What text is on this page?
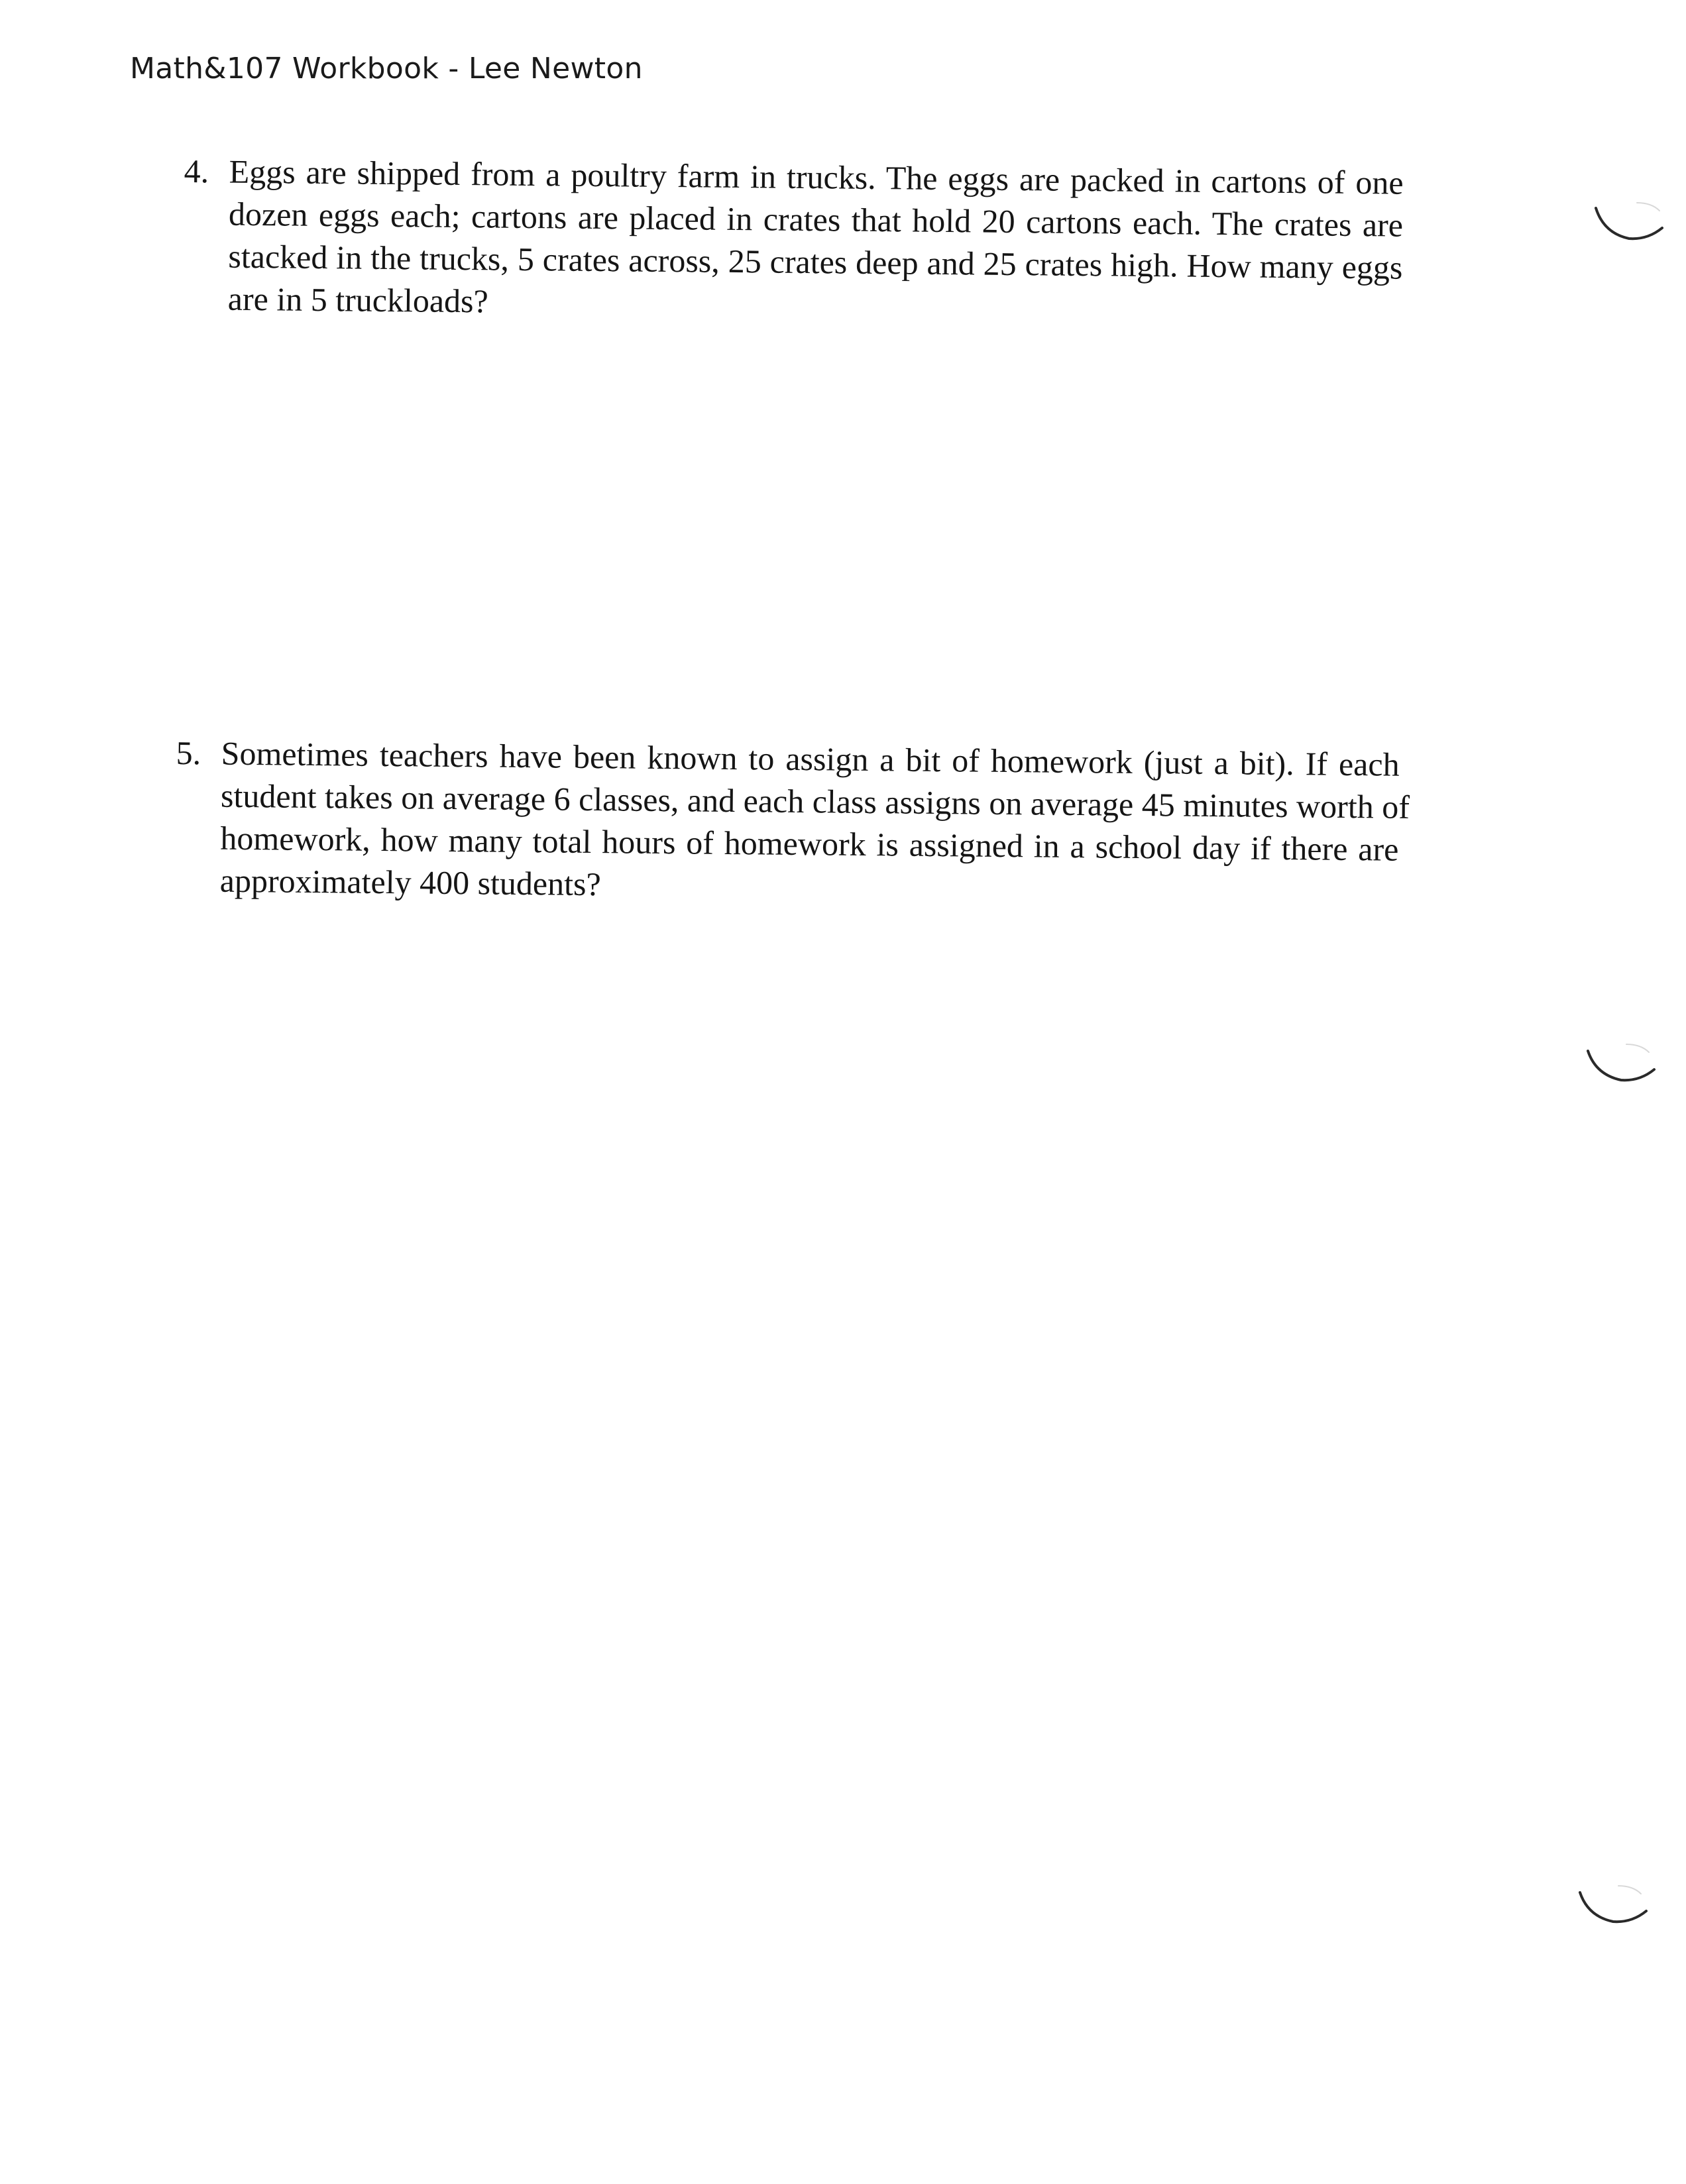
Math&107 Workbook - Lee Newton
4. Eggs are shipped from a poultry farm in trucks. The eggs are packed in cartons of one
dozen eggs each; cartons are placed in crates that hold 20 cartons each. The crates are
stacked in the trucks, 5 crates across, 25 crates deep and 25 crates high. How many eggs
are in 5 truckloads?
5. Sometimes teachers have been known to assign a bit of homework (just a bit). If each
student takes on average 6 classes, and each class assigns on average 45 minutes worth of
homework, how many total hours of homework is assigned in a school day if there are
approximately 400 students?
